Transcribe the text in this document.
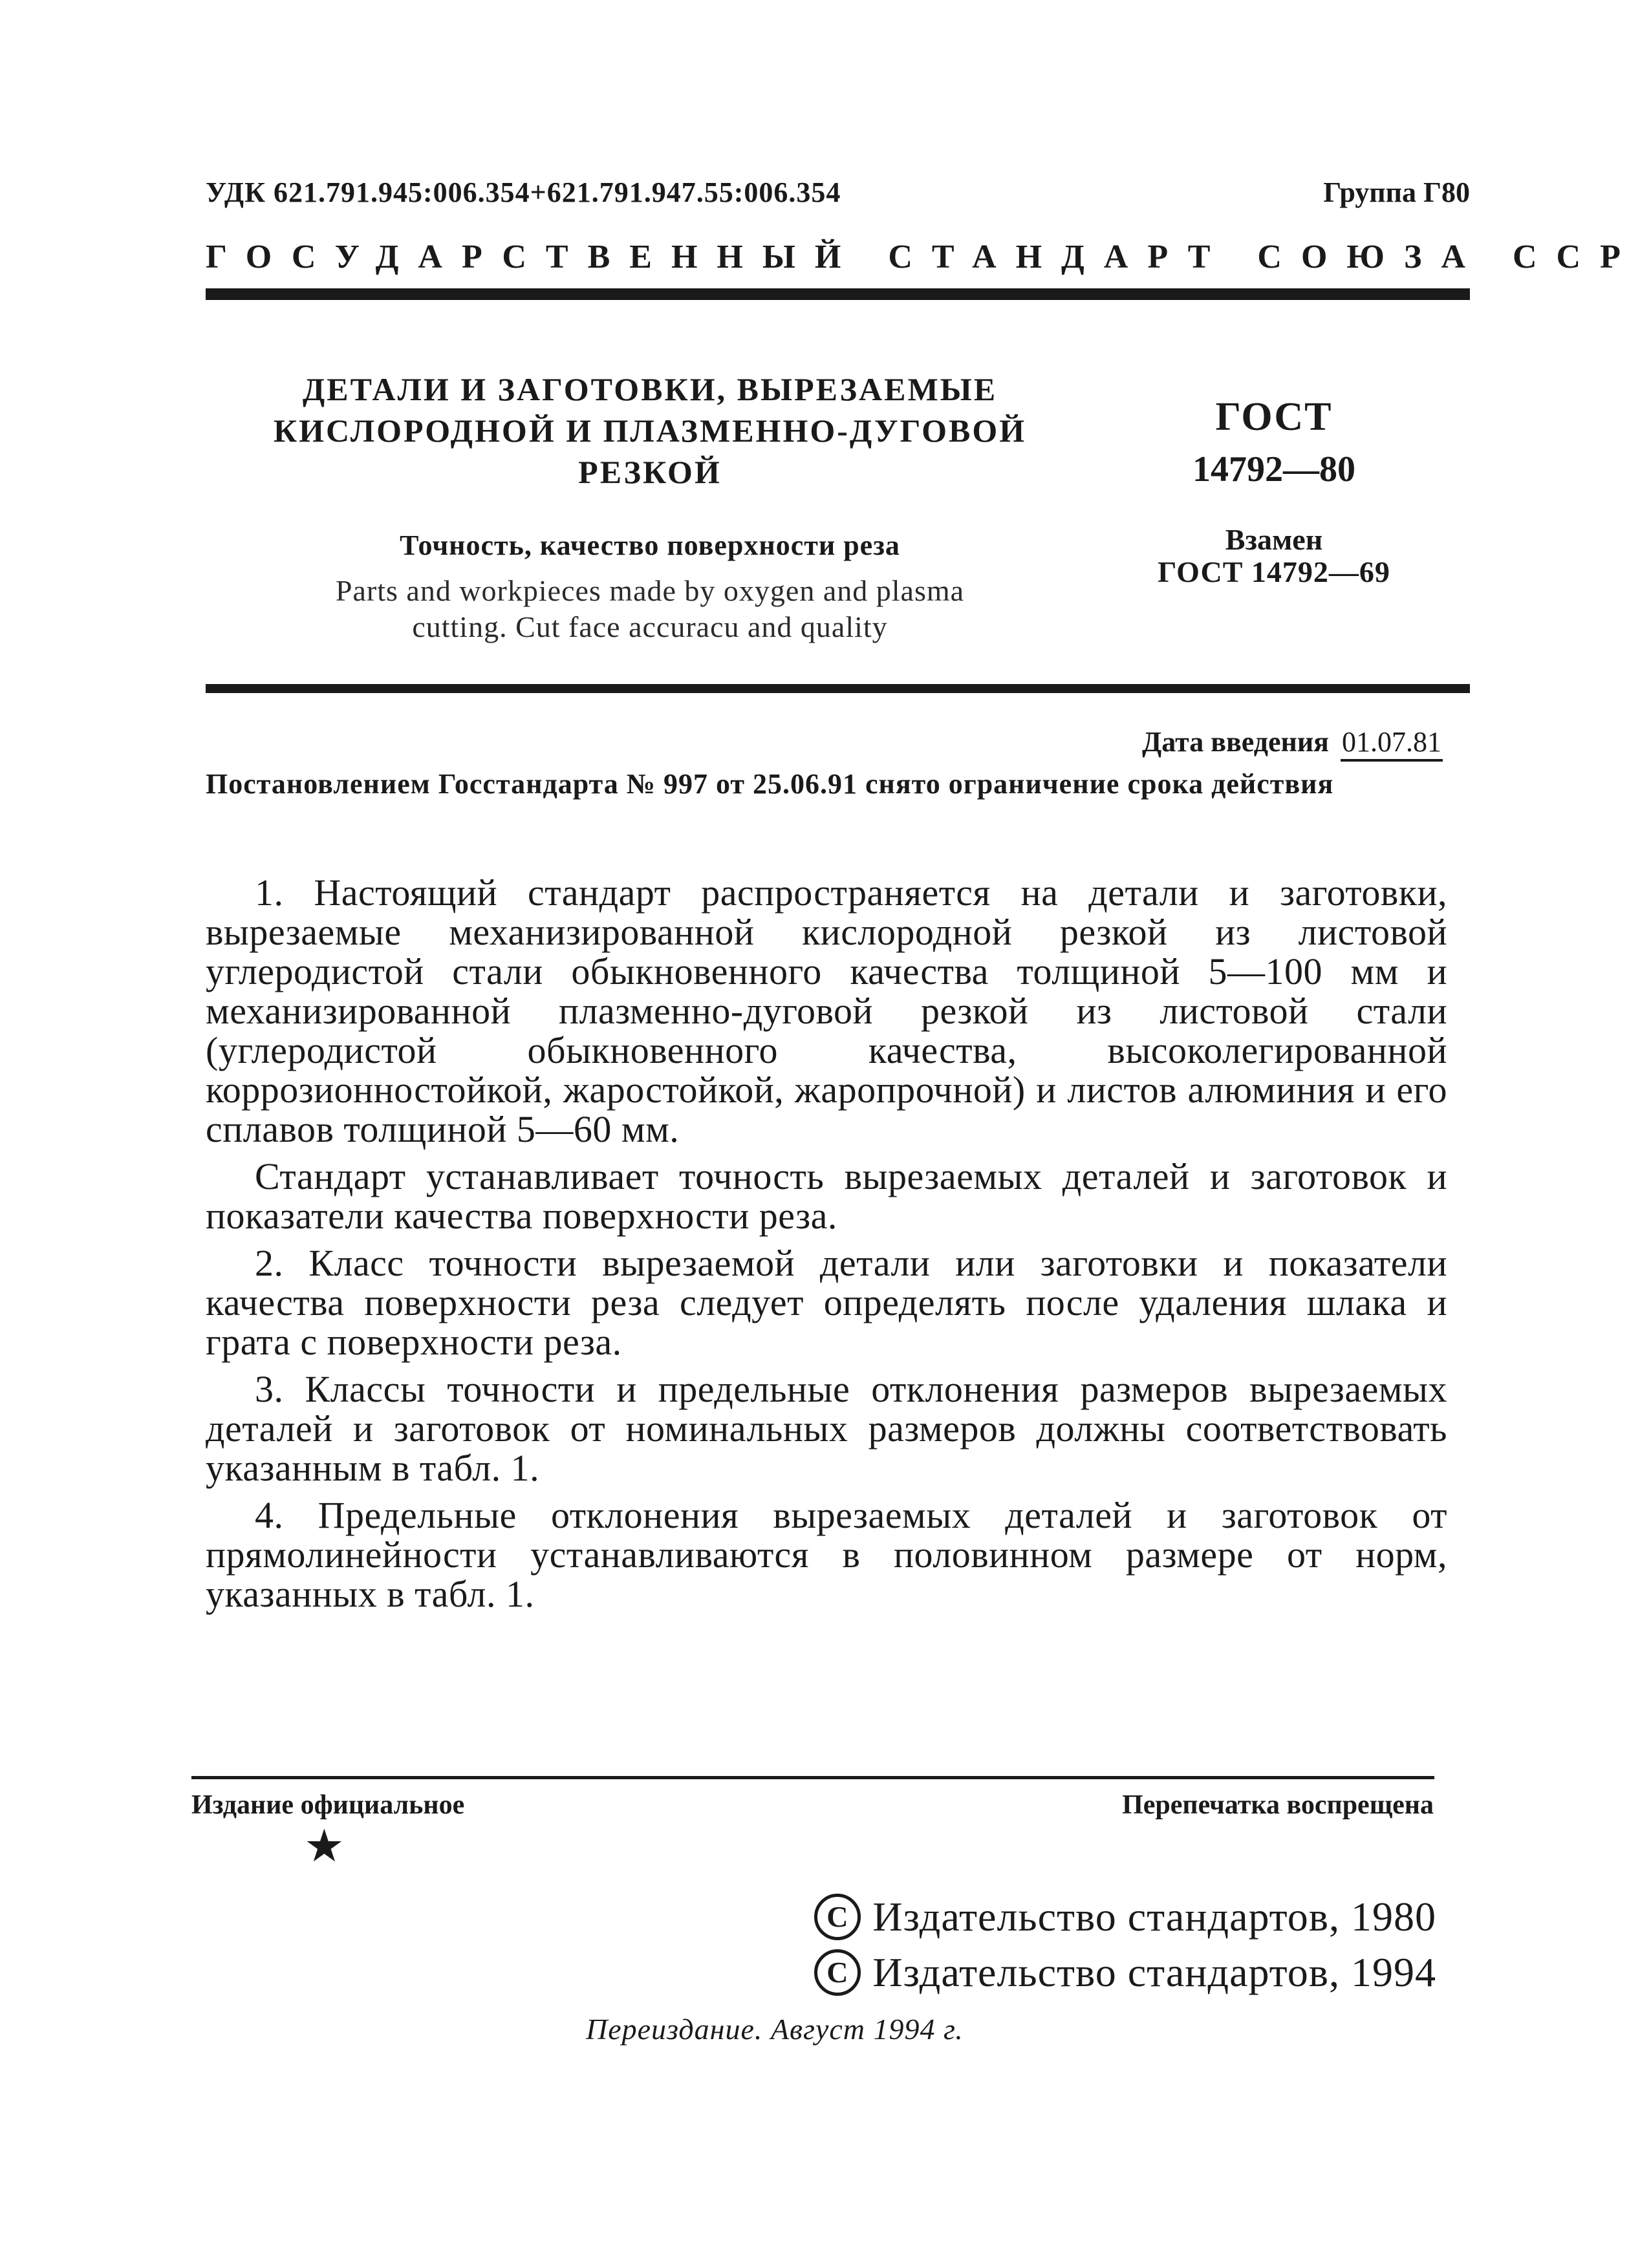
УДК 621.791.945:006.354+621.791.947.55:006.354	Группа Г80
ГОСУДАРСТВЕННЫЙ СТАНДАРТ СОЮЗА ССР
ДЕТАЛИ И ЗАГОТОВКИ, ВЫРЕЗАЕМЫЕ
КИСЛОРОДНОЙ И ПЛАЗМЕННО-ДУГОВОЙ
РЕЗКОЙ
Точность, качество поверхности реза
Parts and workpieces made by oxygen and plasma
cutting. Cut face accuracu and quality
ГОСТ
14792—80
Взамен
ГОСТ 14792—69
Дата введения 01.07.81
Постановлением Госстандарта № 997 от 25.06.91 снято ограничение срока действия

1. Настоящий стандарт распространяется на детали и заготовки, вырезаемые механизированной кислородной резкой из листовой углеродистой стали обыкновенного качества толщиной 5—100 мм и механизированной плазменно-дуговой резкой из листовой стали (углеродистой обыкновенного качества, высоколегированной коррозионностойкой, жаростойкой, жаропрочной) и листов алюминия и его сплавов толщиной 5—60 мм.

Стандарт устанавливает точность вырезаемых деталей и заготовок и показатели качества поверхности реза.

2. Класс точности вырезаемой детали или заготовки и показатели качества поверхности реза следует определять после удаления шлака и грата с поверхности реза.

3. Классы точности и предельные отклонения размеров вырезаемых деталей и заготовок от номинальных размеров должны соответствовать указанным в табл. 1.

4. Предельные отклонения вырезаемых деталей и заготовок от прямолинейности устанавливаются в половинном размере от норм, указанных в табл. 1.

Издание официальное	Перепечатка воспрещена
★
С Издательство стандартов, 1980
С Издательство стандартов, 1994
Переиздание. Август 1994 г.
